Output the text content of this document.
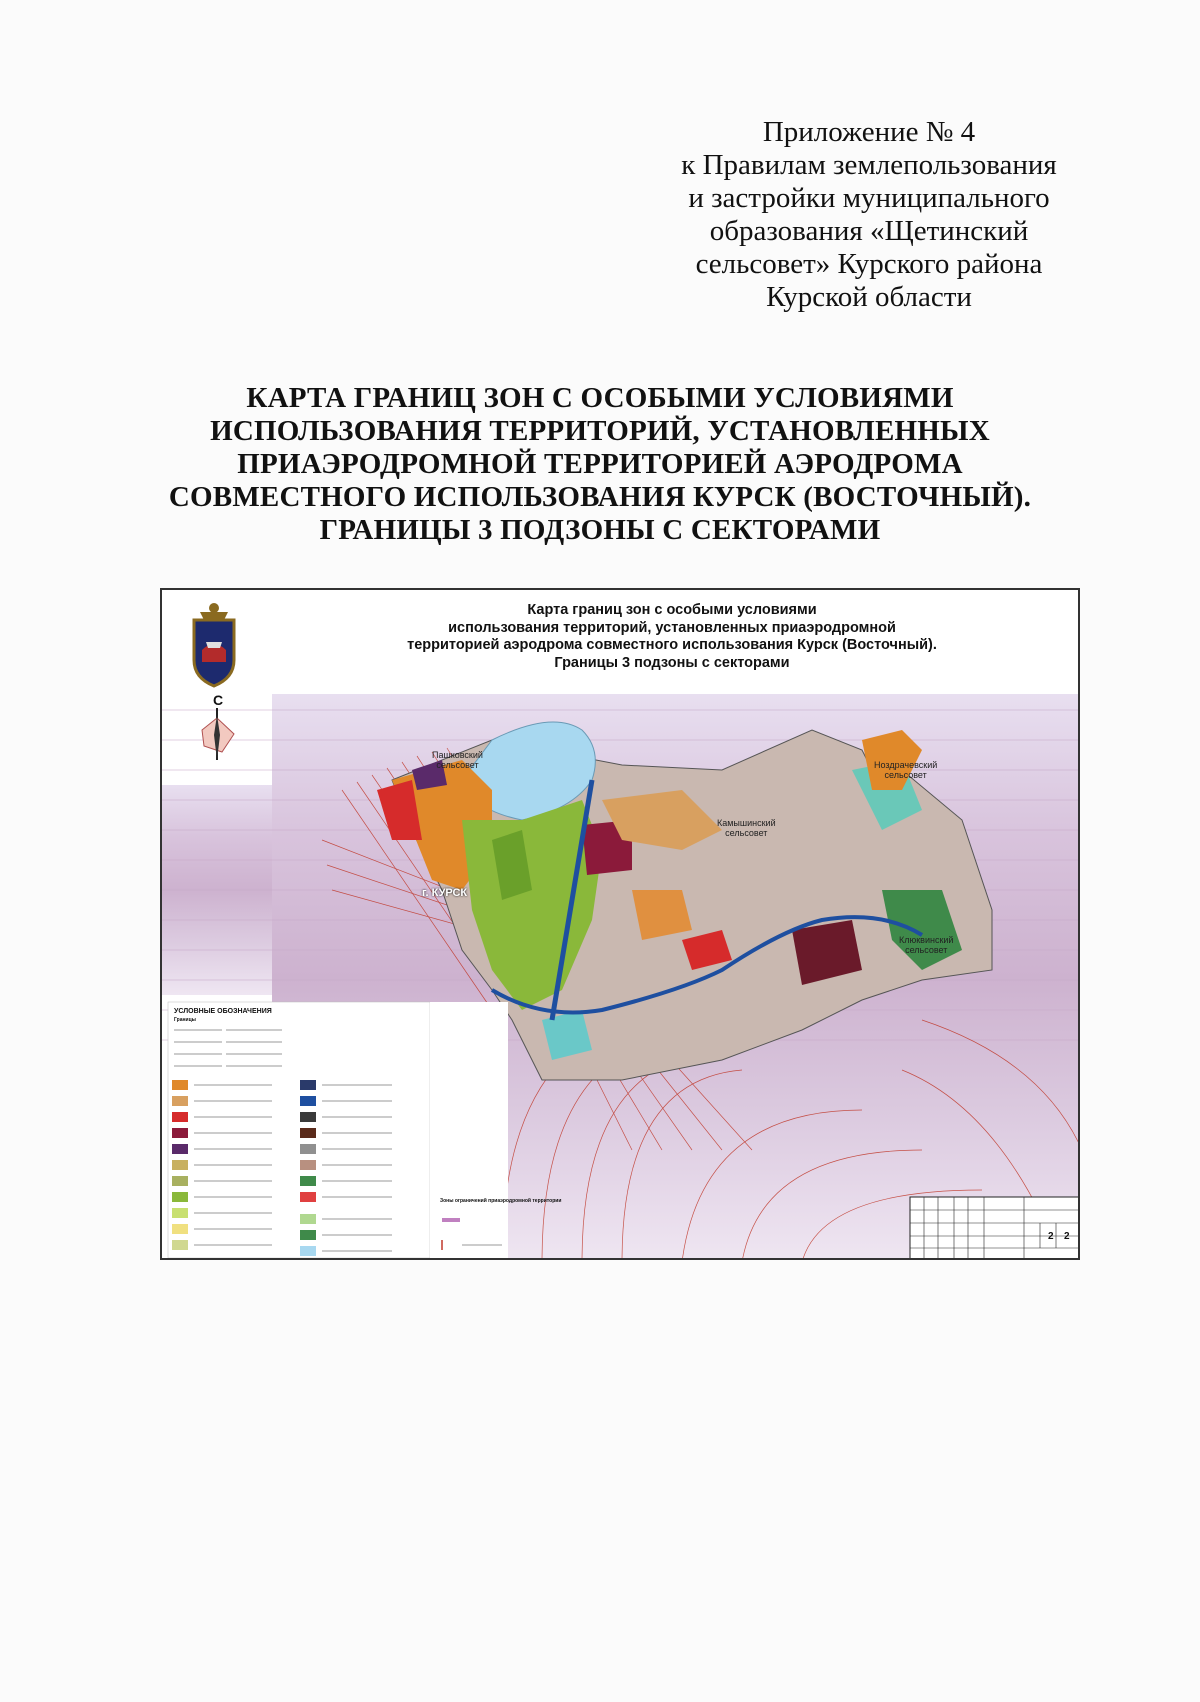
Приложение № 4
к Правилам землепользования
и застройки муниципального
образования «Щетинский
сельсовет» Курского района
Курской области
КАРТА ГРАНИЦ ЗОН С ОСОБЫМИ УСЛОВИЯМИ
ИСПОЛЬЗОВАНИЯ ТЕРРИТОРИЙ, УСТАНОВЛЕННЫХ
ПРИАЭРОДРОМНОЙ ТЕРРИТОРИЕЙ АЭРОДРОМА
СОВМЕСТНОГО ИСПОЛЬЗОВАНИЯ КУРСК (ВОСТОЧНЫЙ).
ГРАНИЦЫ 3 ПОДЗОНЫ С СЕКТОРАМИ
Карта границ зон с особыми условиями
использования территорий, установленных приаэродромной
территорией аэродрома совместного использования Курск (Восточный).
Границы 3 подзоны с секторами
С
Пашковский
сельсовет
Камышинский
сельсовет
Ноздрачевский
сельсовет
Клюквинский
сельсовет
г. КУРСК
УСЛОВНЫЕ ОБОЗНАЧЕНИЯ
Границы
Зоны ограничений приаэродромной территории
2 2
